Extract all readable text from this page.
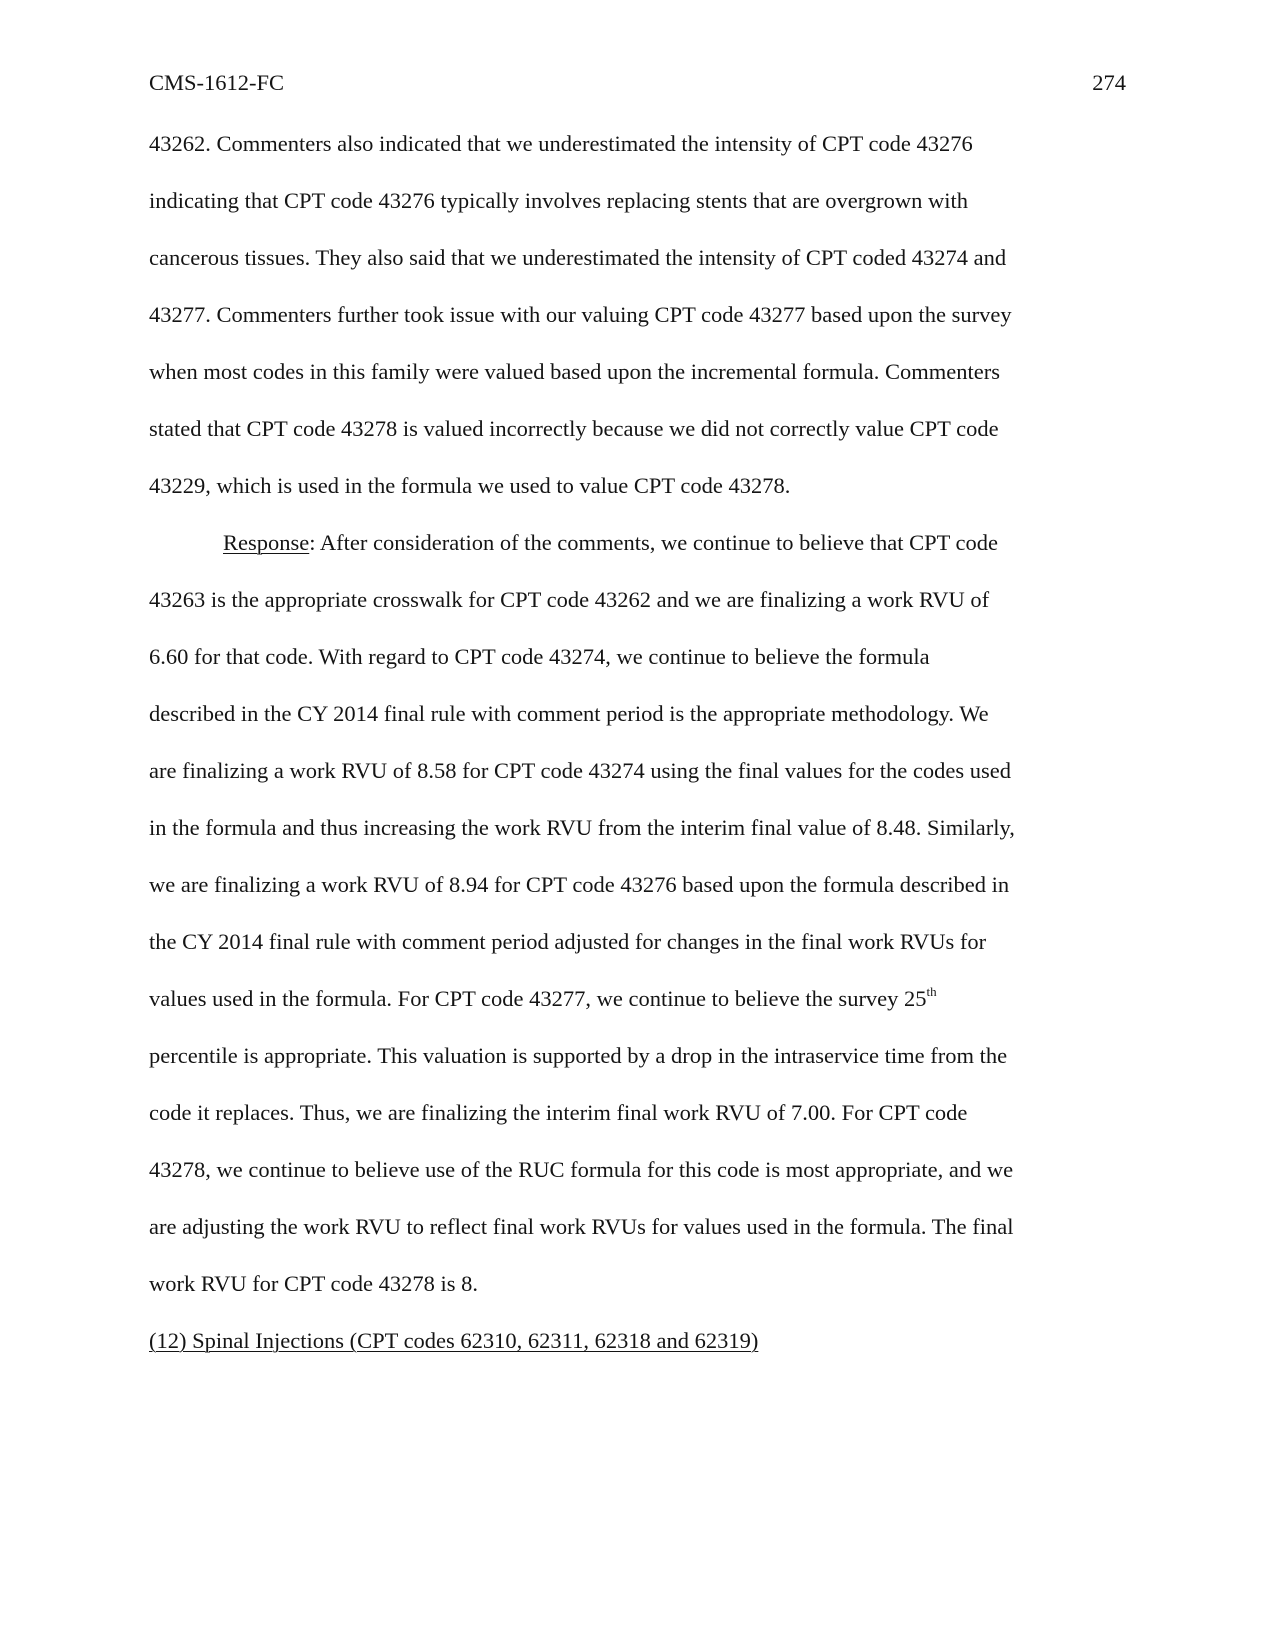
CMS-1612-FC	274
43262. Commenters also indicated that we underestimated the intensity of CPT code 43276
indicating that CPT code 43276 typically involves replacing stents that are overgrown with
cancerous tissues. They also said that we underestimated the intensity of CPT coded 43274 and
43277. Commenters further took issue with our valuing CPT code 43277 based upon the survey
when most codes in this family were valued based upon the incremental formula. Commenters
stated that CPT code 43278 is valued incorrectly because we did not correctly value CPT code
43229, which is used in the formula we used to value CPT code 43278.
Response: After consideration of the comments, we continue to believe that CPT code
43263 is the appropriate crosswalk for CPT code 43262 and we are finalizing a work RVU of
6.60 for that code. With regard to CPT code 43274, we continue to believe the formula
described in the CY 2014 final rule with comment period is the appropriate methodology. We
are finalizing a work RVU of 8.58 for CPT code 43274 using the final values for the codes used
in the formula and thus increasing the work RVU from the interim final value of 8.48. Similarly,
we are finalizing a work RVU of 8.94 for CPT code 43276 based upon the formula described in
the CY 2014 final rule with comment period adjusted for changes in the final work RVUs for
values used in the formula. For CPT code 43277, we continue to believe the survey 25th
percentile is appropriate. This valuation is supported by a drop in the intraservice time from the
code it replaces. Thus, we are finalizing the interim final work RVU of 7.00. For CPT code
43278, we continue to believe use of the RUC formula for this code is most appropriate, and we
are adjusting the work RVU to reflect final work RVUs for values used in the formula. The final
work RVU for CPT code 43278 is 8.
(12) Spinal Injections (CPT codes 62310, 62311, 62318 and 62319)
